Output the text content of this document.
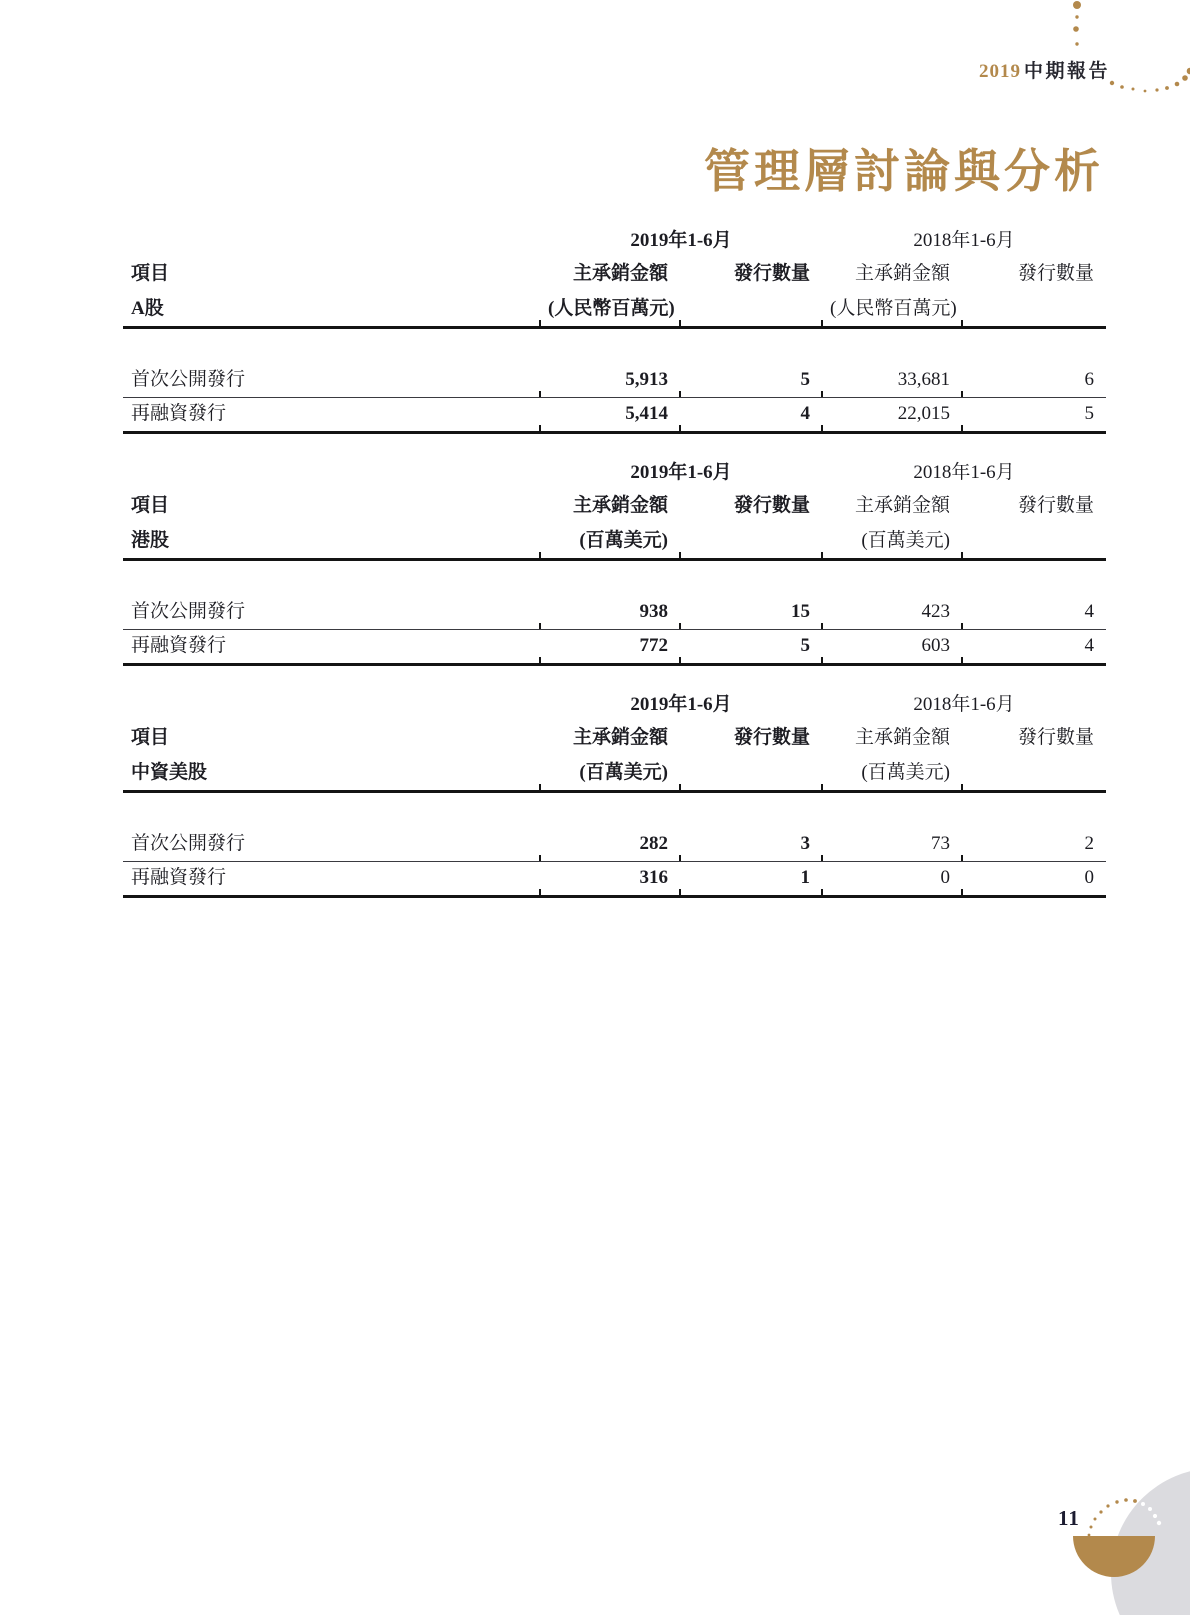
2019 中期報告
管理層討論與分析
	2019年1-6月		2018年1-6月	
項目	主承銷金額	發行數量	主承銷金額	發行數量
A股	(人民幣百萬元)		(人民幣百萬元)	

首次公開發行	5,913	5	33,681	6
再融資發行	5,414	4	22,015	5
	2019年1-6月		2018年1-6月	
項目	主承銷金額	發行數量	主承銷金額	發行數量
港股	(百萬美元)		(百萬美元)	

首次公開發行	938	15	423	4
再融資發行	772	5	603	4
	2019年1-6月		2018年1-6月	
項目	主承銷金額	發行數量	主承銷金額	發行數量
中資美股	(百萬美元)		(百萬美元)	

首次公開發行	282	3	73	2
再融資發行	316	1	0	0
11
